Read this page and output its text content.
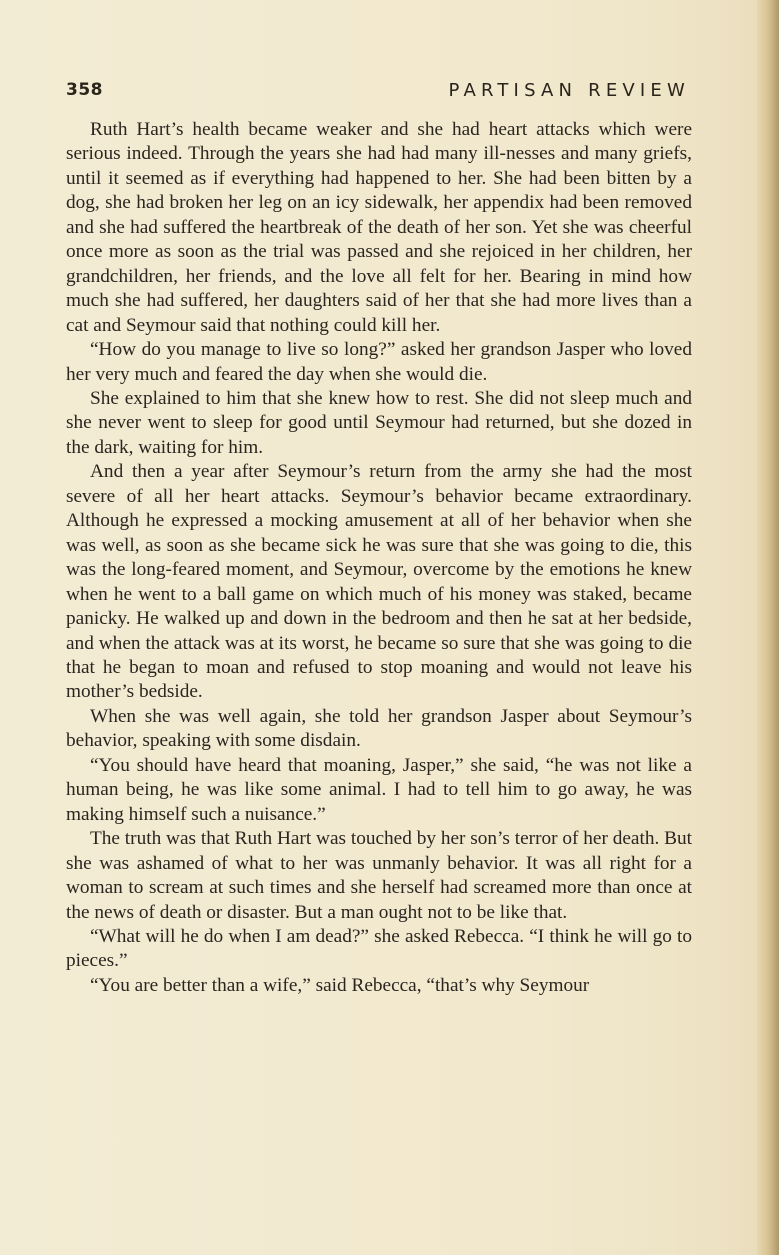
358	PARTISAN REVIEW

Ruth Hart’s health became weaker and she had heart attacks which were serious indeed. Through the years she had had many ill-nesses and many griefs, until it seemed as if everything had happened to her. She had been bitten by a dog, she had broken her leg on an icy sidewalk, her appendix had been removed and she had suffered the heartbreak of the death of her son. Yet she was cheerful once more as soon as the trial was passed and she rejoiced in her children, her grandchildren, her friends, and the love all felt for her. Bearing in mind how much she had suffered, her daughters said of her that she had more lives than a cat and Seymour said that nothing could kill her.

“How do you manage to live so long?” asked her grandson Jasper who loved her very much and feared the day when she would die.

She explained to him that she knew how to rest. She did not sleep much and she never went to sleep for good until Seymour had returned, but she dozed in the dark, waiting for him.

And then a year after Seymour’s return from the army she had the most severe of all her heart attacks. Seymour’s behavior became extraordinary. Although he expressed a mocking amusement at all of her behavior when she was well, as soon as she became sick he was sure that she was going to die, this was the long-feared moment, and Seymour, overcome by the emotions he knew when he went to a ball game on which much of his money was staked, became panicky. He walked up and down in the bedroom and then he sat at her bedside, and when the attack was at its worst, he became so sure that she was going to die that he began to moan and refused to stop moaning and would not leave his mother’s bedside.

When she was well again, she told her grandson Jasper about Seymour’s behavior, speaking with some disdain.

“You should have heard that moaning, Jasper,” she said, “he was not like a human being, he was like some animal. I had to tell him to go away, he was making himself such a nuisance.”

The truth was that Ruth Hart was touched by her son’s terror of her death. But she was ashamed of what to her was unmanly behavior. It was all right for a woman to scream at such times and she herself had screamed more than once at the news of death or disaster. But a man ought not to be like that.

“What will he do when I am dead?” she asked Rebecca. “I think he will go to pieces.”

“You are better than a wife,” said Rebecca, “that’s why Seymour
